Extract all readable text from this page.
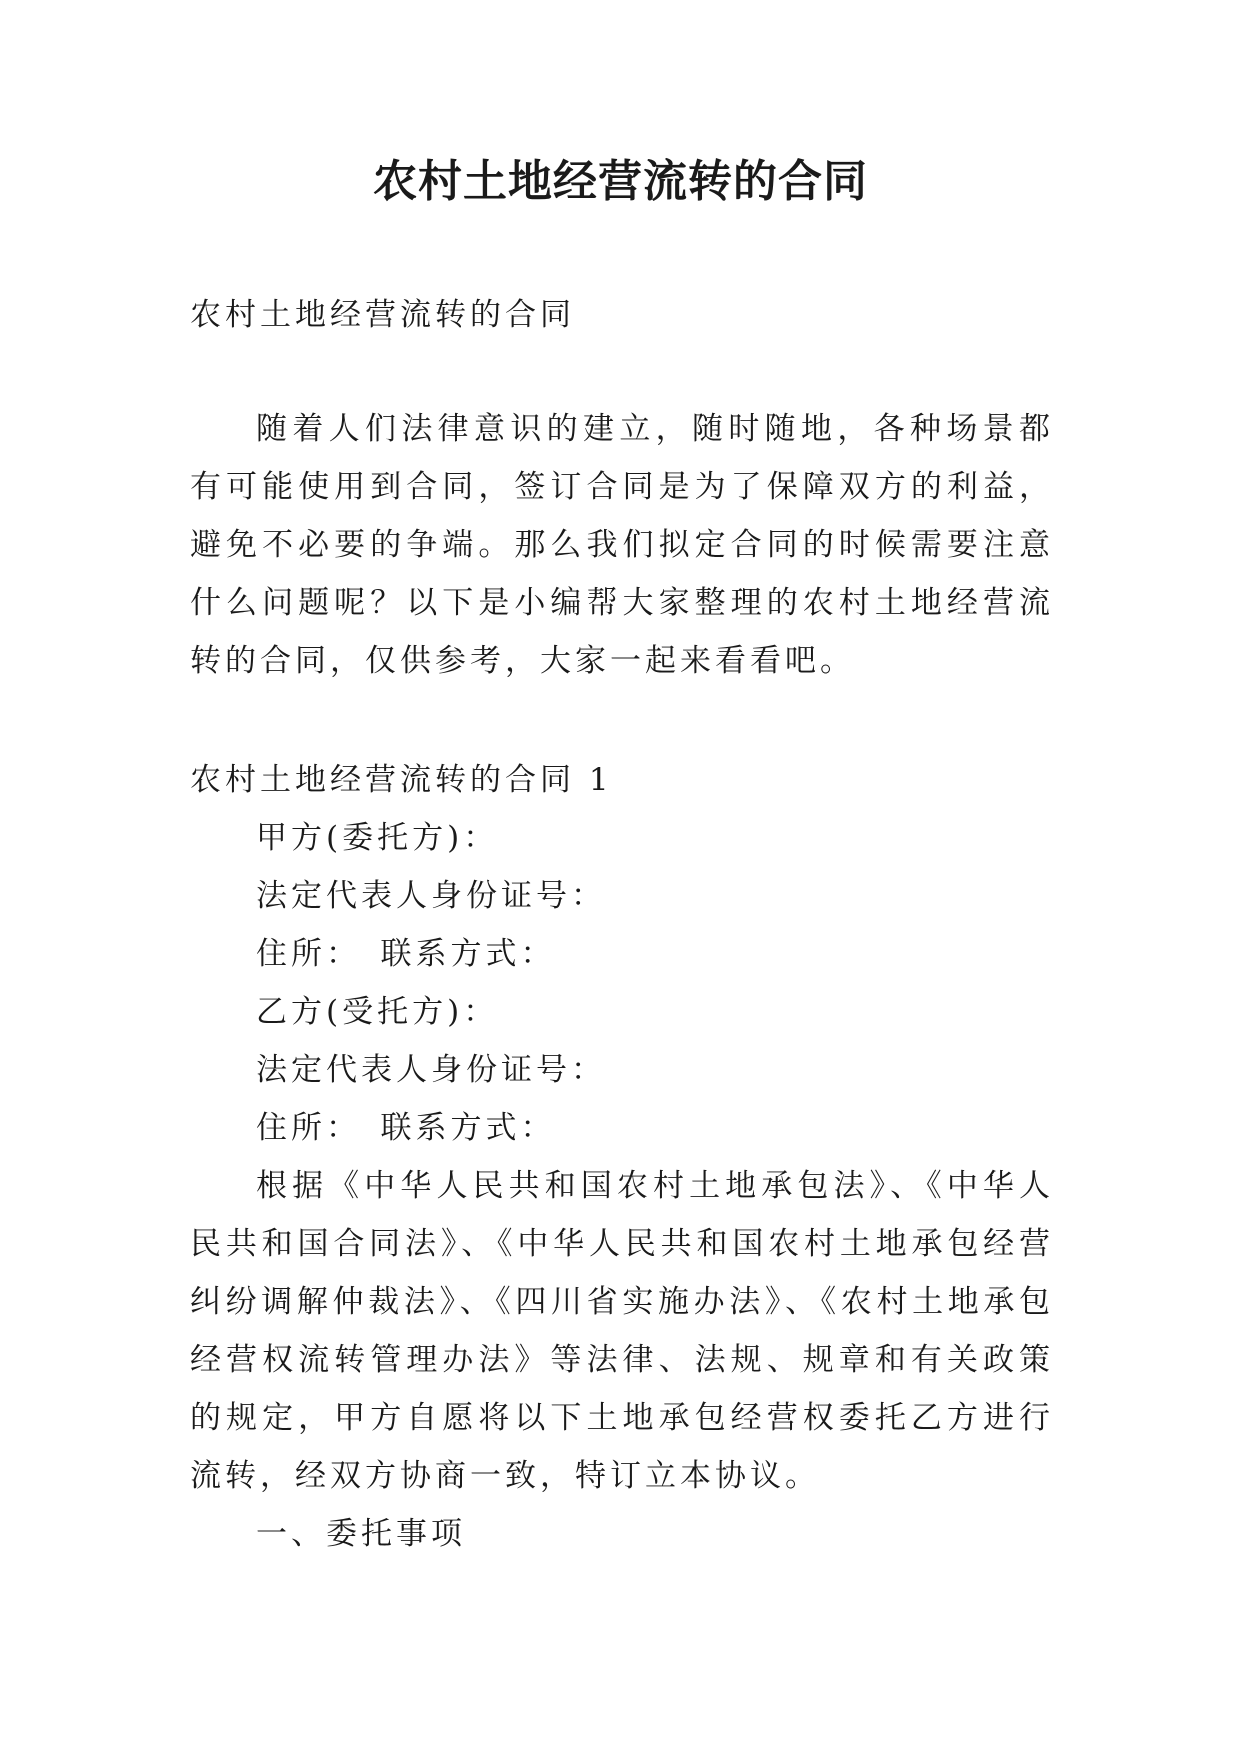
农村土地经营流转的合同

农村土地经营流转的合同

随着人们法律意识的建立，随时随地，各种场景都有可能使用到合同，签订合同是为了保障双方的利益，避免不必要的争端。那么我们拟定合同的时候需要注意什么问题呢？以下是小编帮大家整理的农村土地经营流转的合同，仅供参考，大家一起来看看吧。

农村土地经营流转的合同 1

甲方(委托方)：

法定代表人身份证号：

住所：　联系方式：

乙方(受托方)：

法定代表人身份证号：

住所：　联系方式：

根据《中华人民共和国农村土地承包法》、《中华人民共和国合同法》、《中华人民共和国农村土地承包经营纠纷调解仲裁法》、《四川省实施办法》、《农村土地承包经营权流转管理办法》等法律、法规、规章和有关政策的规定，甲方自愿将以下土地承包经营权委托乙方进行流转，经双方协商一致，特订立本协议。

一、委托事项
